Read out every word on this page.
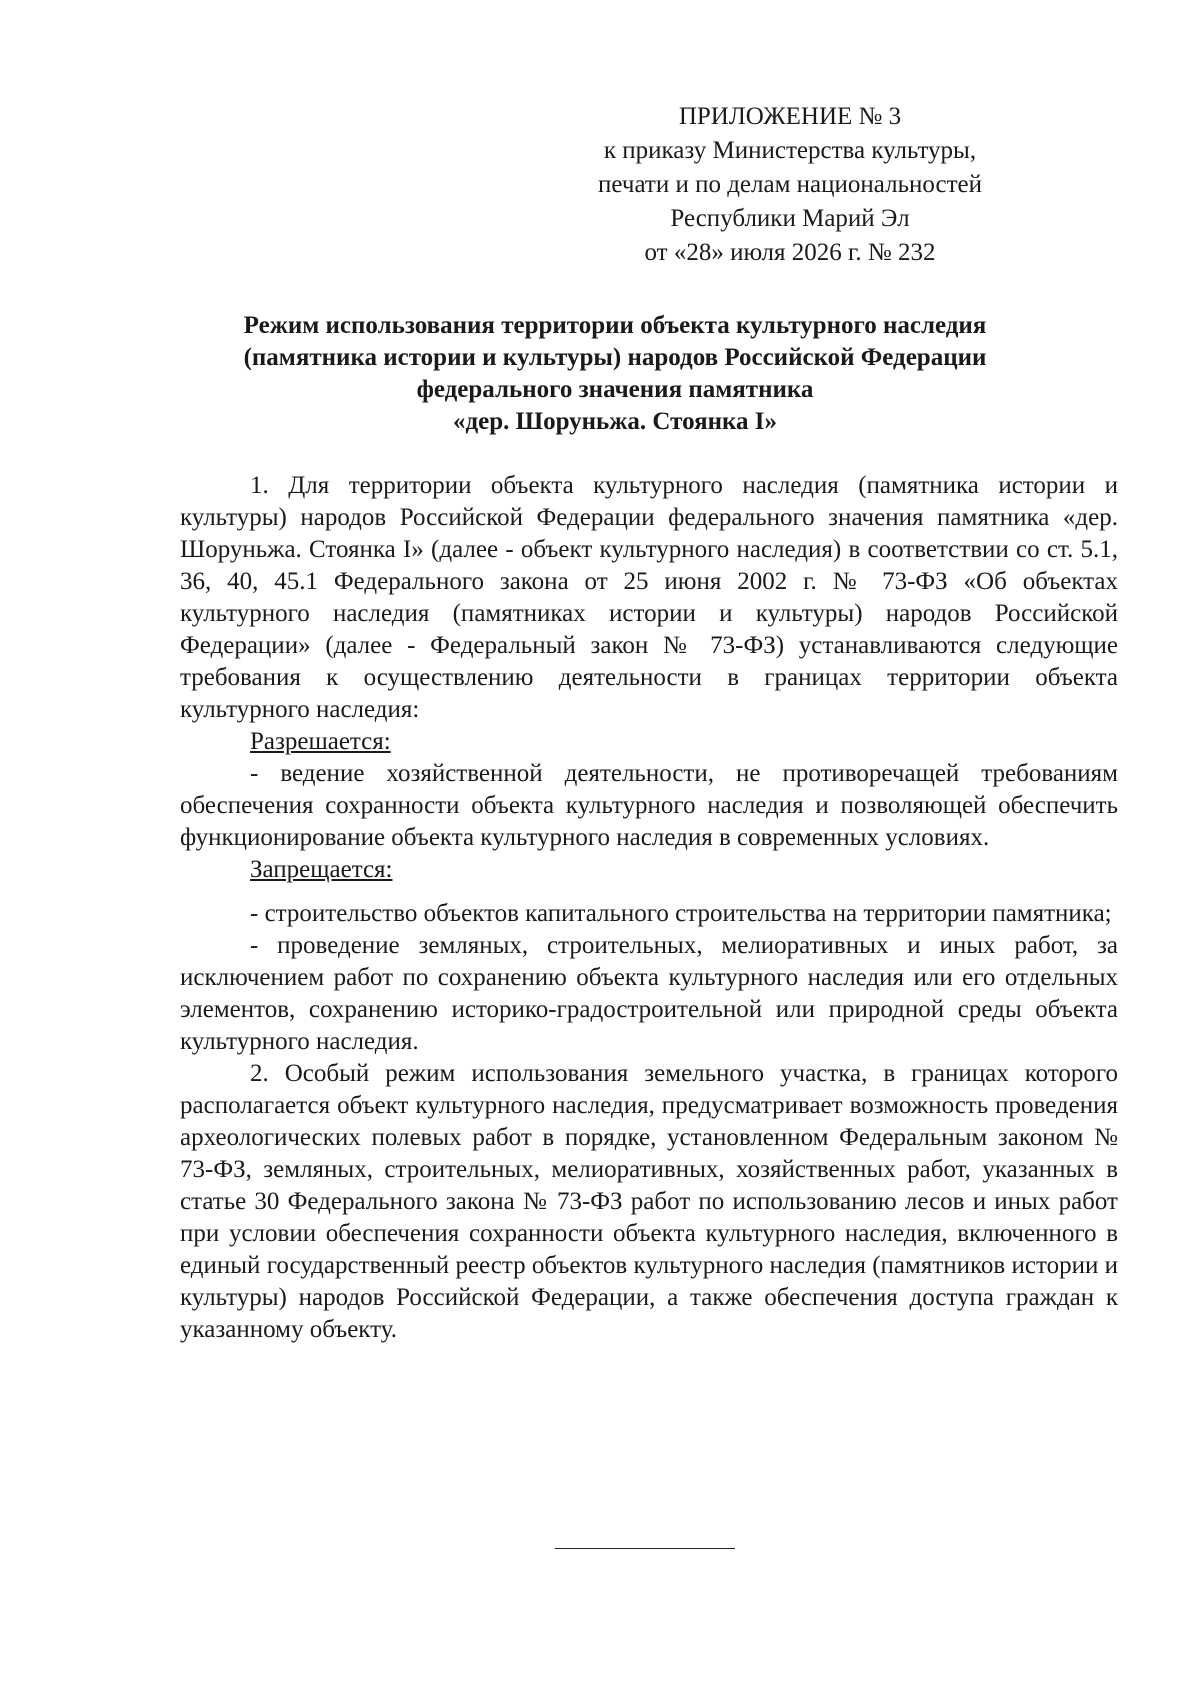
ПРИЛОЖЕНИЕ № 3
к приказу Министерства культуры,
печати и по делам национальностей
Республики Марий Эл
от «28» июля 2026 г. № 232
Режим использования территории объекта культурного наследия
(памятника истории и культуры) народов Российской Федерации
федерального значения памятника
«дер. Шоруньжа. Стоянка I»

1. Для территории объекта культурного наследия (памятника истории и культуры) народов Российской Федерации федерального значения памятника «дер. Шоруньжа. Стоянка I» (далее - объект культурного наследия) в соответствии со ст. 5.1, 36, 40, 45.1 Федерального закона от 25 июня 2002 г. № 73-ФЗ «Об объектах культурного наследия (памятниках истории и культуры) народов Российской Федерации» (далее - Федеральный закон № 73-ФЗ) устанавливаются следующие требования к осуществлению деятельности в границах территории объекта культурного наследия:

Разрешается:

- ведение хозяйственной деятельности, не противоречащей требованиям обеспечения сохранности объекта культурного наследия и позволяющей обеспечить функционирование объекта культурного наследия в современных условиях.

Запрещается:

- строительство объектов капитального строительства на территории памятника;

- проведение земляных, строительных, мелиоративных и иных работ, за исключением работ по сохранению объекта культурного наследия или его отдельных элементов, сохранению историко-градостроительной или природной среды объекта культурного наследия.

2. Особый режим использования земельного участка, в границах которого располагается объект культурного наследия, предусматривает возможность проведения археологических полевых работ в порядке, установленном Федеральным законом № 73-ФЗ, земляных, строительных, мелиоративных, хозяйственных работ, указанных в статье 30 Федерального закона № 73-ФЗ работ по использованию лесов и иных работ при условии обеспечения сохранности объекта культурного наследия, включенного в единый государственный реестр объектов культурного наследия (памятников истории и культуры) народов Российской Федерации, а также обеспечения доступа граждан к указанному объекту.
